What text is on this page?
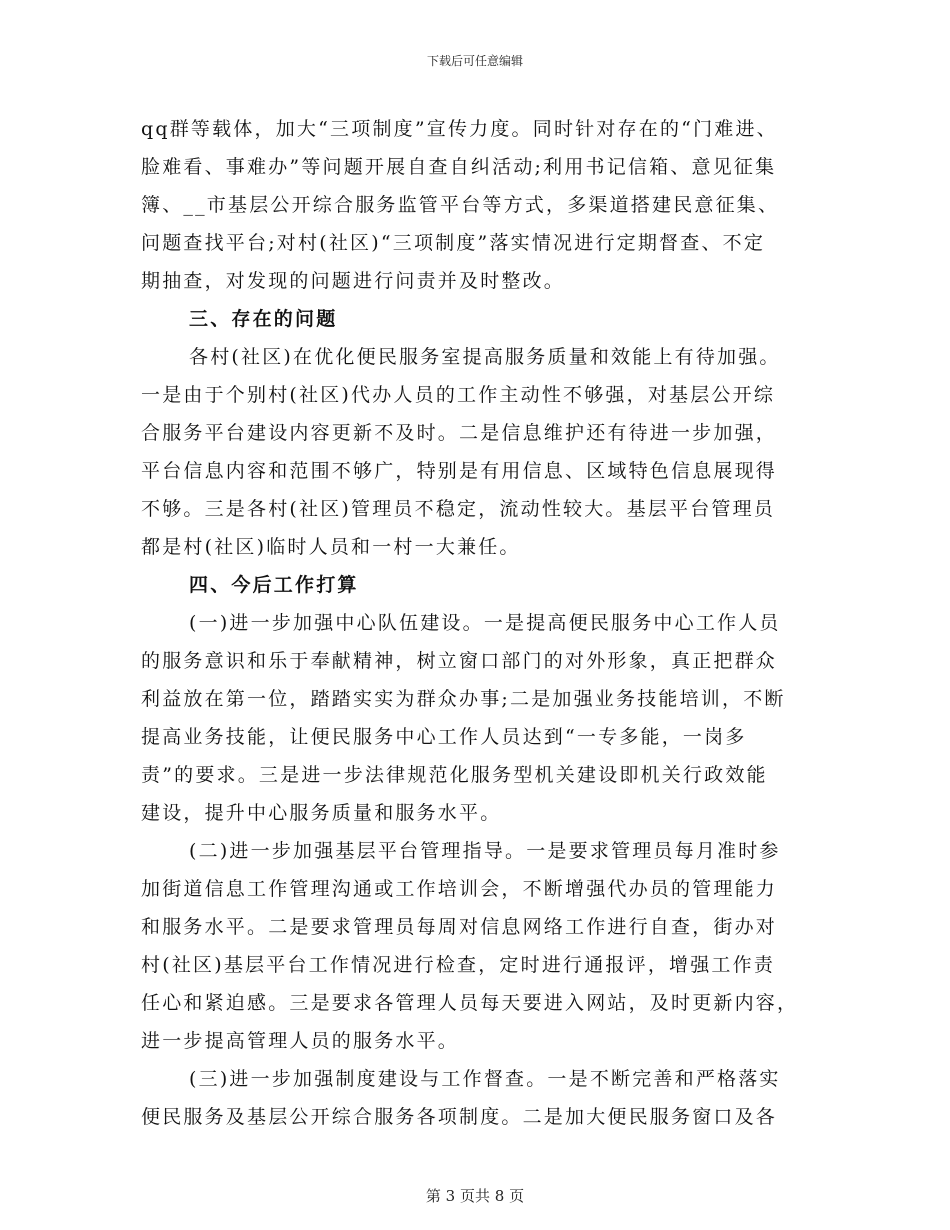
下载后可任意编辑
qq群等载体，加大“三项制度”宣传力度。同时针对存在的“门难进、
脸难看、事难办”等问题开展自查自纠活动;利用书记信箱、意见征集
簿、__市基层公开综合服务监管平台等方式，多渠道搭建民意征集、
问题查找平台;对村(社区)“三项制度”落实情况进行定期督查、不定
期抽查，对发现的问题进行问责并及时整改。
三、存在的问题
各村(社区)在优化便民服务室提高服务质量和效能上有待加强。
一是由于个别村(社区)代办人员的工作主动性不够强，对基层公开综
合服务平台建设内容更新不及时。二是信息维护还有待进一步加强，
平台信息内容和范围不够广，特别是有用信息、区域特色信息展现得
不够。三是各村(社区)管理员不稳定，流动性较大。基层平台管理员
都是村(社区)临时人员和一村一大兼任。
四、今后工作打算
(一)进一步加强中心队伍建设。一是提高便民服务中心工作人员
的服务意识和乐于奉献精神，树立窗口部门的对外形象，真正把群众
利益放在第一位，踏踏实实为群众办事;二是加强业务技能培训，不断
提高业务技能，让便民服务中心工作人员达到“一专多能，一岗多
责”的要求。三是进一步法律规范化服务型机关建设即机关行政效能
建设，提升中心服务质量和服务水平。
(二)进一步加强基层平台管理指导。一是要求管理员每月准时参
加街道信息工作管理沟通或工作培训会，不断增强代办员的管理能力
和服务水平。二是要求管理员每周对信息网络工作进行自查，街办对
村(社区)基层平台工作情况进行检查，定时进行通报评，增强工作责
任心和紧迫感。三是要求各管理人员每天要进入网站，及时更新内容，
进一步提高管理人员的服务水平。
(三)进一步加强制度建设与工作督查。一是不断完善和严格落实
便民服务及基层公开综合服务各项制度。二是加大便民服务窗口及各
第 3 页共 8 页
